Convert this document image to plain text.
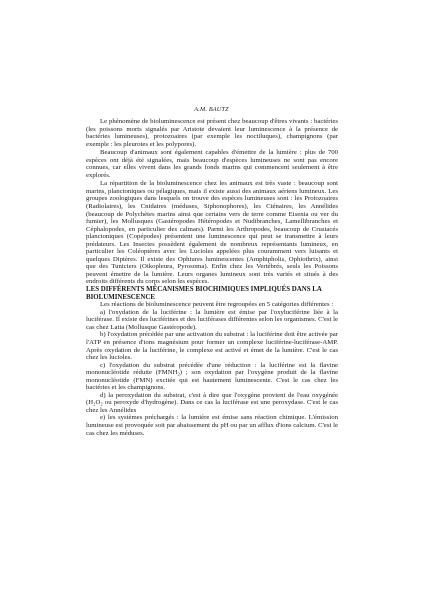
A.M. BAUTZ

Le phénomène de bioluminescence est présent chez beaucoup d'êtres vivants : bactéries (les poissons morts signalés par Aristote devaient leur luminescence à la présence de bactéries lumineuses), protozoaires (par exemple les noctiluques), champignons (par exemple : les pleurotes et les polypores).

Beaucoup d'animaux sont également capables d'émettre de la lumière : plus de 700 espèces ont déjà été signalées, mais beaucoup d'espèces lumineuses ne sont pas encore connues, car elles vivent dans les grands fonds marins qui commencent seulement à être explorés.

La répartition de la bioluminescence chez les animaux est très vaste : beaucoup sont marins, planctoniques ou pélagiques, mais il existe aussi des animaux aériens lumineux. Les groupes zoologiques dans lesquels on trouve des espèces lumineuses sont : les Protozoaires (Radiolaires), les Cnidaires (méduses, Siphonophores), les Cténaires, les Annélides (beaucoup de Polychètes marins ainsi que certains vers de terre comme Eisenia ou ver du fumier), les Mollusques (Gastéropodes Hétéropodes et Nudibranches, Lamellibranches et Céphalopodes, en particulier des calmars). Parmi les Arthropodes, beaucoup de Crustacés planctoniques (Copépodes) présentent une luminescence qui peut se transmettre à leurs prédateurs. Les Insectes possèdent également de nombreux représentants lumineux, en particulier les Coléoptères avec les Lucioles appelées plus couramment vers luisants et quelques Diptères. Il existe des Ophiures luminescentes (Amphipholis, Ophiothrix), ainsi que des Tuniciers (Oikopleura, Pyrosoma). Enfin chez les Vertébrés, seuls les Poissons peuvent émettre de la lumière. Leurs organes lumineux sont très variés et situés à des endroits différents du corps selon les espèces.

LES DIFFÉRENTS MÉCANISMES BIOCHIMIQUES IMPLIQUÉS DANS LA BIOLUMINESCENCE

Les réactions de bioluminescence peuvent être regroupées en 5 catégories différentes :

a) l'oxydation de la luciférine : la lumière est émise par l'oxyluciférine liée à la luciférase. Il existe des luciférines et des luciférases différentes selon les organismes. C'est le cas chez Latia (Mollusque Gastéropode).

b) l'oxydation précédée par une activation du substrat : la luciférine doit être activée par l'ATP en présence d'ions magnésium pour former un complexe luciférine-luciférase-AMP. Après oxydation de la luciférine, le complexe est activé et émet de la lumière. C'est le cas chez les lucioles.

c) l'oxydation du substrat précédée d'une réduction : la luciférine est la flavine mononucléotide réduite (FMNH₂) ; son oxydation par l'oxygène produit de la flavine mononucléotide (FMN) excitée qui est hautement luminescente. C'est le cas chez les bactéries et les champignons.

d) la peroxydation du substrat, c'est à dire que l'oxygène provient de l'eau oxygénée (H₂O₂ ou peroxyde d'hydrogène). Dans ce cas la luciférase est une peroxydase. C'est le cas chez les Annélides

e) les systèmes préchargés : la lumière est émise sans réaction chimique. L'émission lumineuse est provoquée soit par abaissement du pH ou par un afflux d'ions calcium. C'est le cas chez les méduses.
